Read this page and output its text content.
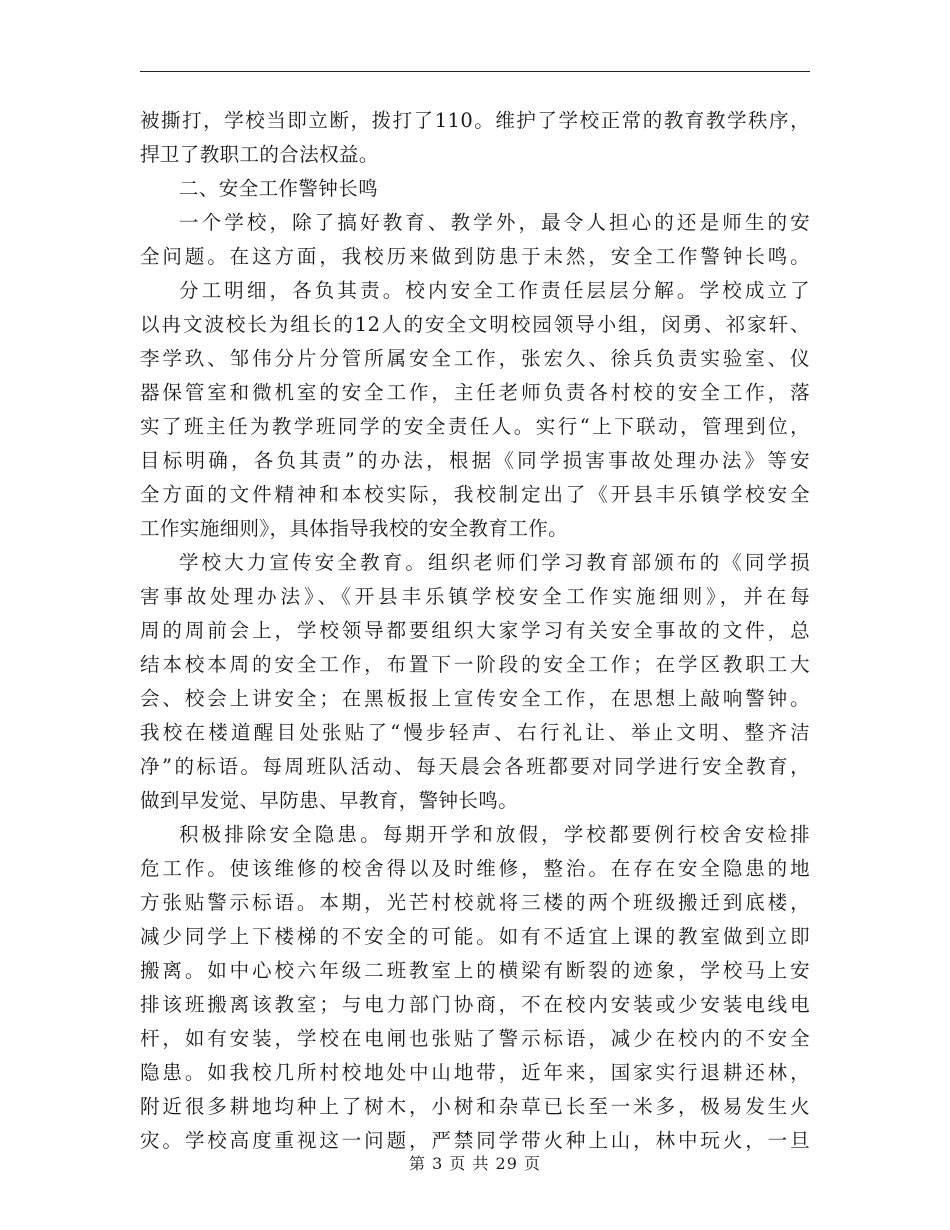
被撕打，学校当即立断，拨打了110。维护了学校正常的教育教学秩序，
捍卫了教职工的合法权益。
二、安全工作警钟长鸣
一个学校，除了搞好教育、教学外，最令人担心的还是师生的安
全问题。在这方面，我校历来做到防患于未然，安全工作警钟长鸣。
分工明细，各负其责。校内安全工作责任层层分解。学校成立了
以冉文波校长为组长的12人的安全文明校园领导小组，闵勇、祁家轩、
李学玖、邹伟分片分管所属安全工作，张宏久、徐兵负责实验室、仪
器保管室和微机室的安全工作，主任老师负责各村校的安全工作，落
实了班主任为教学班同学的安全责任人。实行“上下联动，管理到位，
目标明确，各负其责”的办法，根据《同学损害事故处理办法》等安
全方面的文件精神和本校实际，我校制定出了《开县丰乐镇学校安全
工作实施细则》，具体指导我校的安全教育工作。
学校大力宣传安全教育。组织老师们学习教育部颁布的《同学损
害事故处理办法》、《开县丰乐镇学校安全工作实施细则》，并在每
周的周前会上，学校领导都要组织大家学习有关安全事故的文件，总
结本校本周的安全工作，布置下一阶段的安全工作；在学区教职工大
会、校会上讲安全；在黑板报上宣传安全工作，在思想上敲响警钟。
我校在楼道醒目处张贴了“慢步轻声、右行礼让、举止文明、整齐洁
净”的标语。每周班队活动、每天晨会各班都要对同学进行安全教育，
做到早发觉、早防患、早教育，警钟长鸣。
积极排除安全隐患。每期开学和放假，学校都要例行校舍安检排
危工作。使该维修的校舍得以及时维修，整治。在存在安全隐患的地
方张贴警示标语。本期，光芒村校就将三楼的两个班级搬迁到底楼，
减少同学上下楼梯的不安全的可能。如有不适宜上课的教室做到立即
搬离。如中心校六年级二班教室上的横梁有断裂的迹象，学校马上安
排该班搬离该教室；与电力部门协商，不在校内安装或少安装电线电
杆，如有安装，学校在电闸也张贴了警示标语，减少在校内的不安全
隐患。如我校几所村校地处中山地带，近年来，国家实行退耕还林，
附近很多耕地均种上了树木，小树和杂草已长至一米多，极易发生火
灾。学校高度重视这一问题，严禁同学带火种上山，林中玩火，一旦
第 3 页 共 29 页
